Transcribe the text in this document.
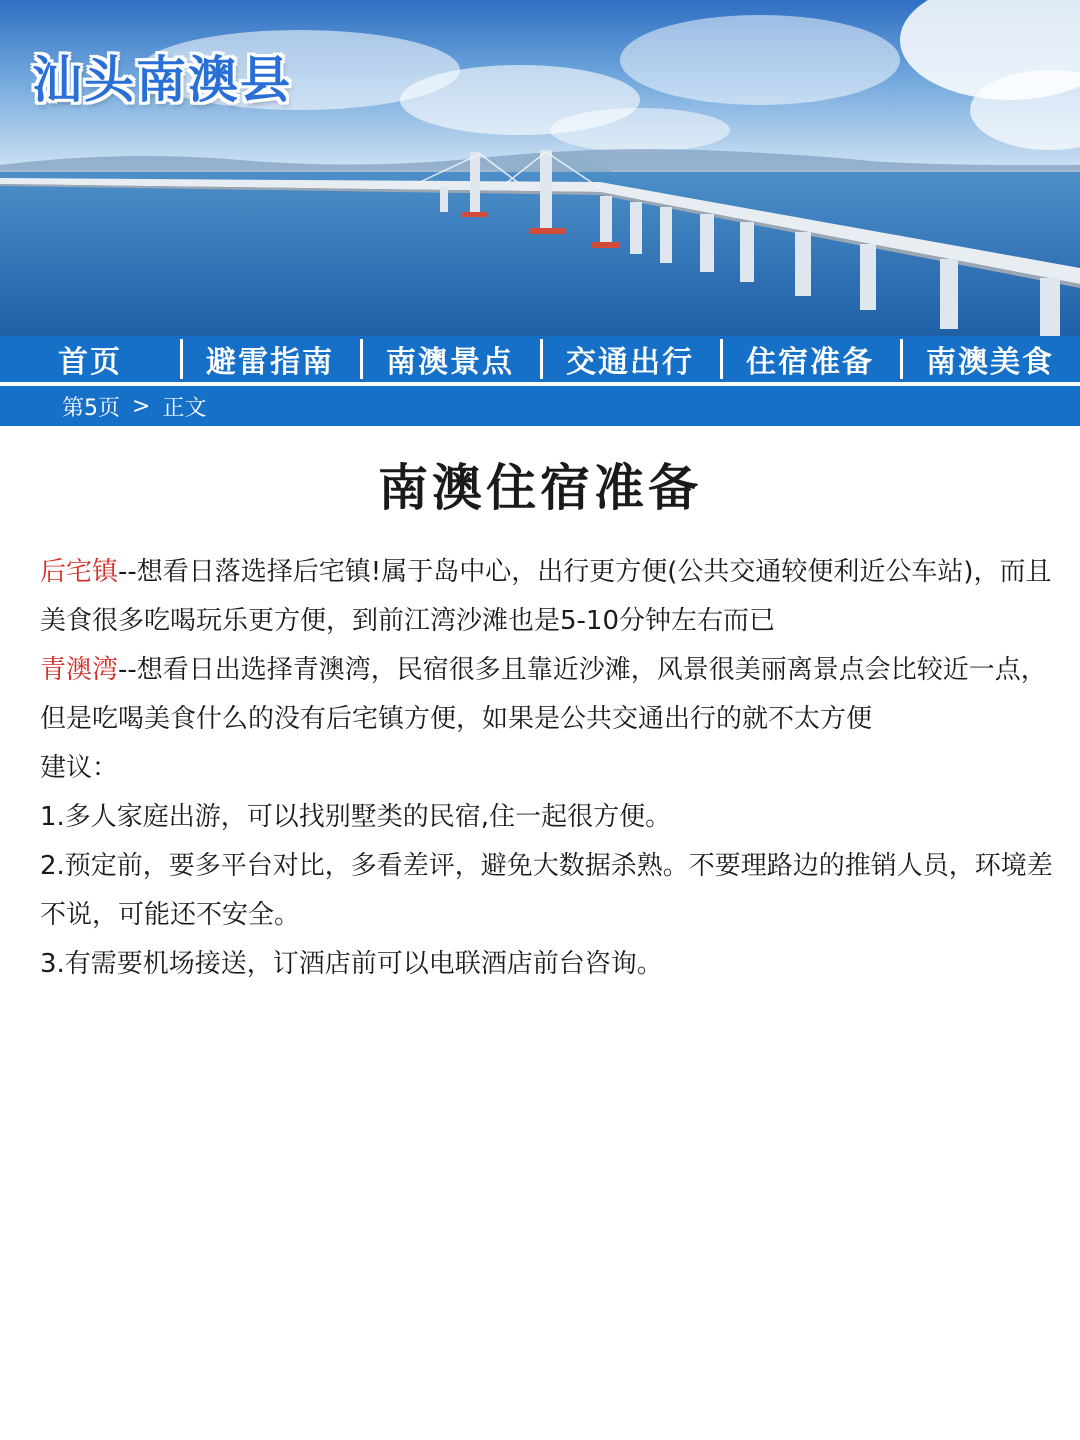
汕头南澳县
首页	避雷指南	南澳景点	交通出行	住宿准备	南澳美食
第5页 > 正文
南澳住宿准备

后宅镇--想看日落选择后宅镇!属于岛中心，出行更方便(公共交通较便利近公车站)，而且美食很多吃喝玩乐更方便，到前江湾沙滩也是5-10分钟左右而已

青澳湾--想看日出选择青澳湾，民宿很多且靠近沙滩，风景很美丽离景点会比较近一点，但是吃喝美食什么的没有后宅镇方便，如果是公共交通出行的就不太方便

建议：

1.多人家庭出游，可以找别墅类的民宿,住一起很方便。

2.预定前，要多平台对比，多看差评，避免大数据杀熟。不要理路边的推销人员，环境差不说，可能还不安全。

3.有需要机场接送，订酒店前可以电联酒店前台咨询。
